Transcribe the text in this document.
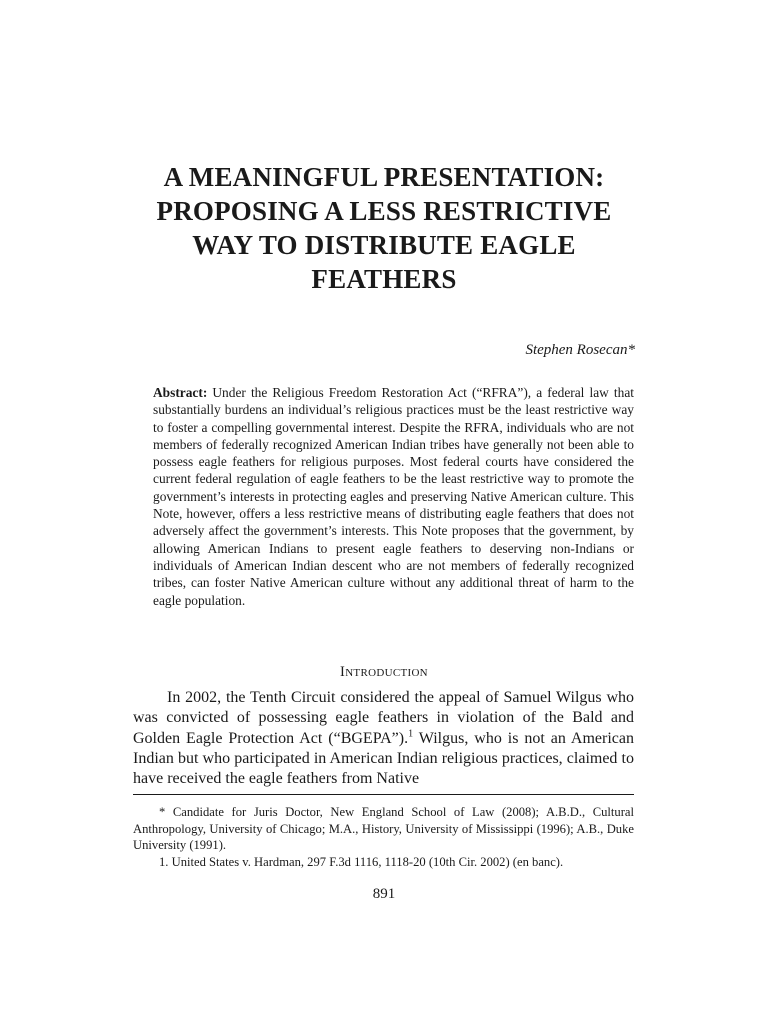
A MEANINGFUL PRESENTATION:
PROPOSING A LESS RESTRICTIVE
WAY TO DISTRIBUTE EAGLE
FEATHERS
Stephen Rosecan*
Abstract: Under the Religious Freedom Restoration Act (“RFRA”), a federal law that substantially burdens an individual’s religious practices must be the least restrictive way to foster a compelling governmental interest. Despite the RFRA, individuals who are not members of federally recognized American Indian tribes have generally not been able to possess eagle feathers for religious purposes. Most federal courts have considered the current federal regulation of eagle feathers to be the least restrictive way to promote the government’s interests in protecting eagles and preserving Native American culture. This Note, however, offers a less restrictive means of distributing eagle feathers that does not adversely affect the government’s interests. This Note proposes that the government, by allowing American Indians to present eagle feathers to deserving non-Indians or individuals of American Indian descent who are not members of federally recognized tribes, can foster Native American culture without any additional threat of harm to the eagle population.
INTRODUCTION
In 2002, the Tenth Circuit considered the appeal of Samuel Wilgus who was convicted of possessing eagle feathers in violation of the Bald and Golden Eagle Protection Act (“BGEPA”).$^1$ Wilgus, who is not an American Indian but who participated in American Indian religious practices, claimed to have received the eagle feathers from Native

* Candidate for Juris Doctor, New England School of Law (2008); A.B.D., Cultural Anthropology, University of Chicago; M.A., History, University of Mississippi (1996); A.B., Duke University (1991).

1. United States v. Hardman, 297 F.3d 1116, 1118-20 (10th Cir. 2002) (en banc).

891
